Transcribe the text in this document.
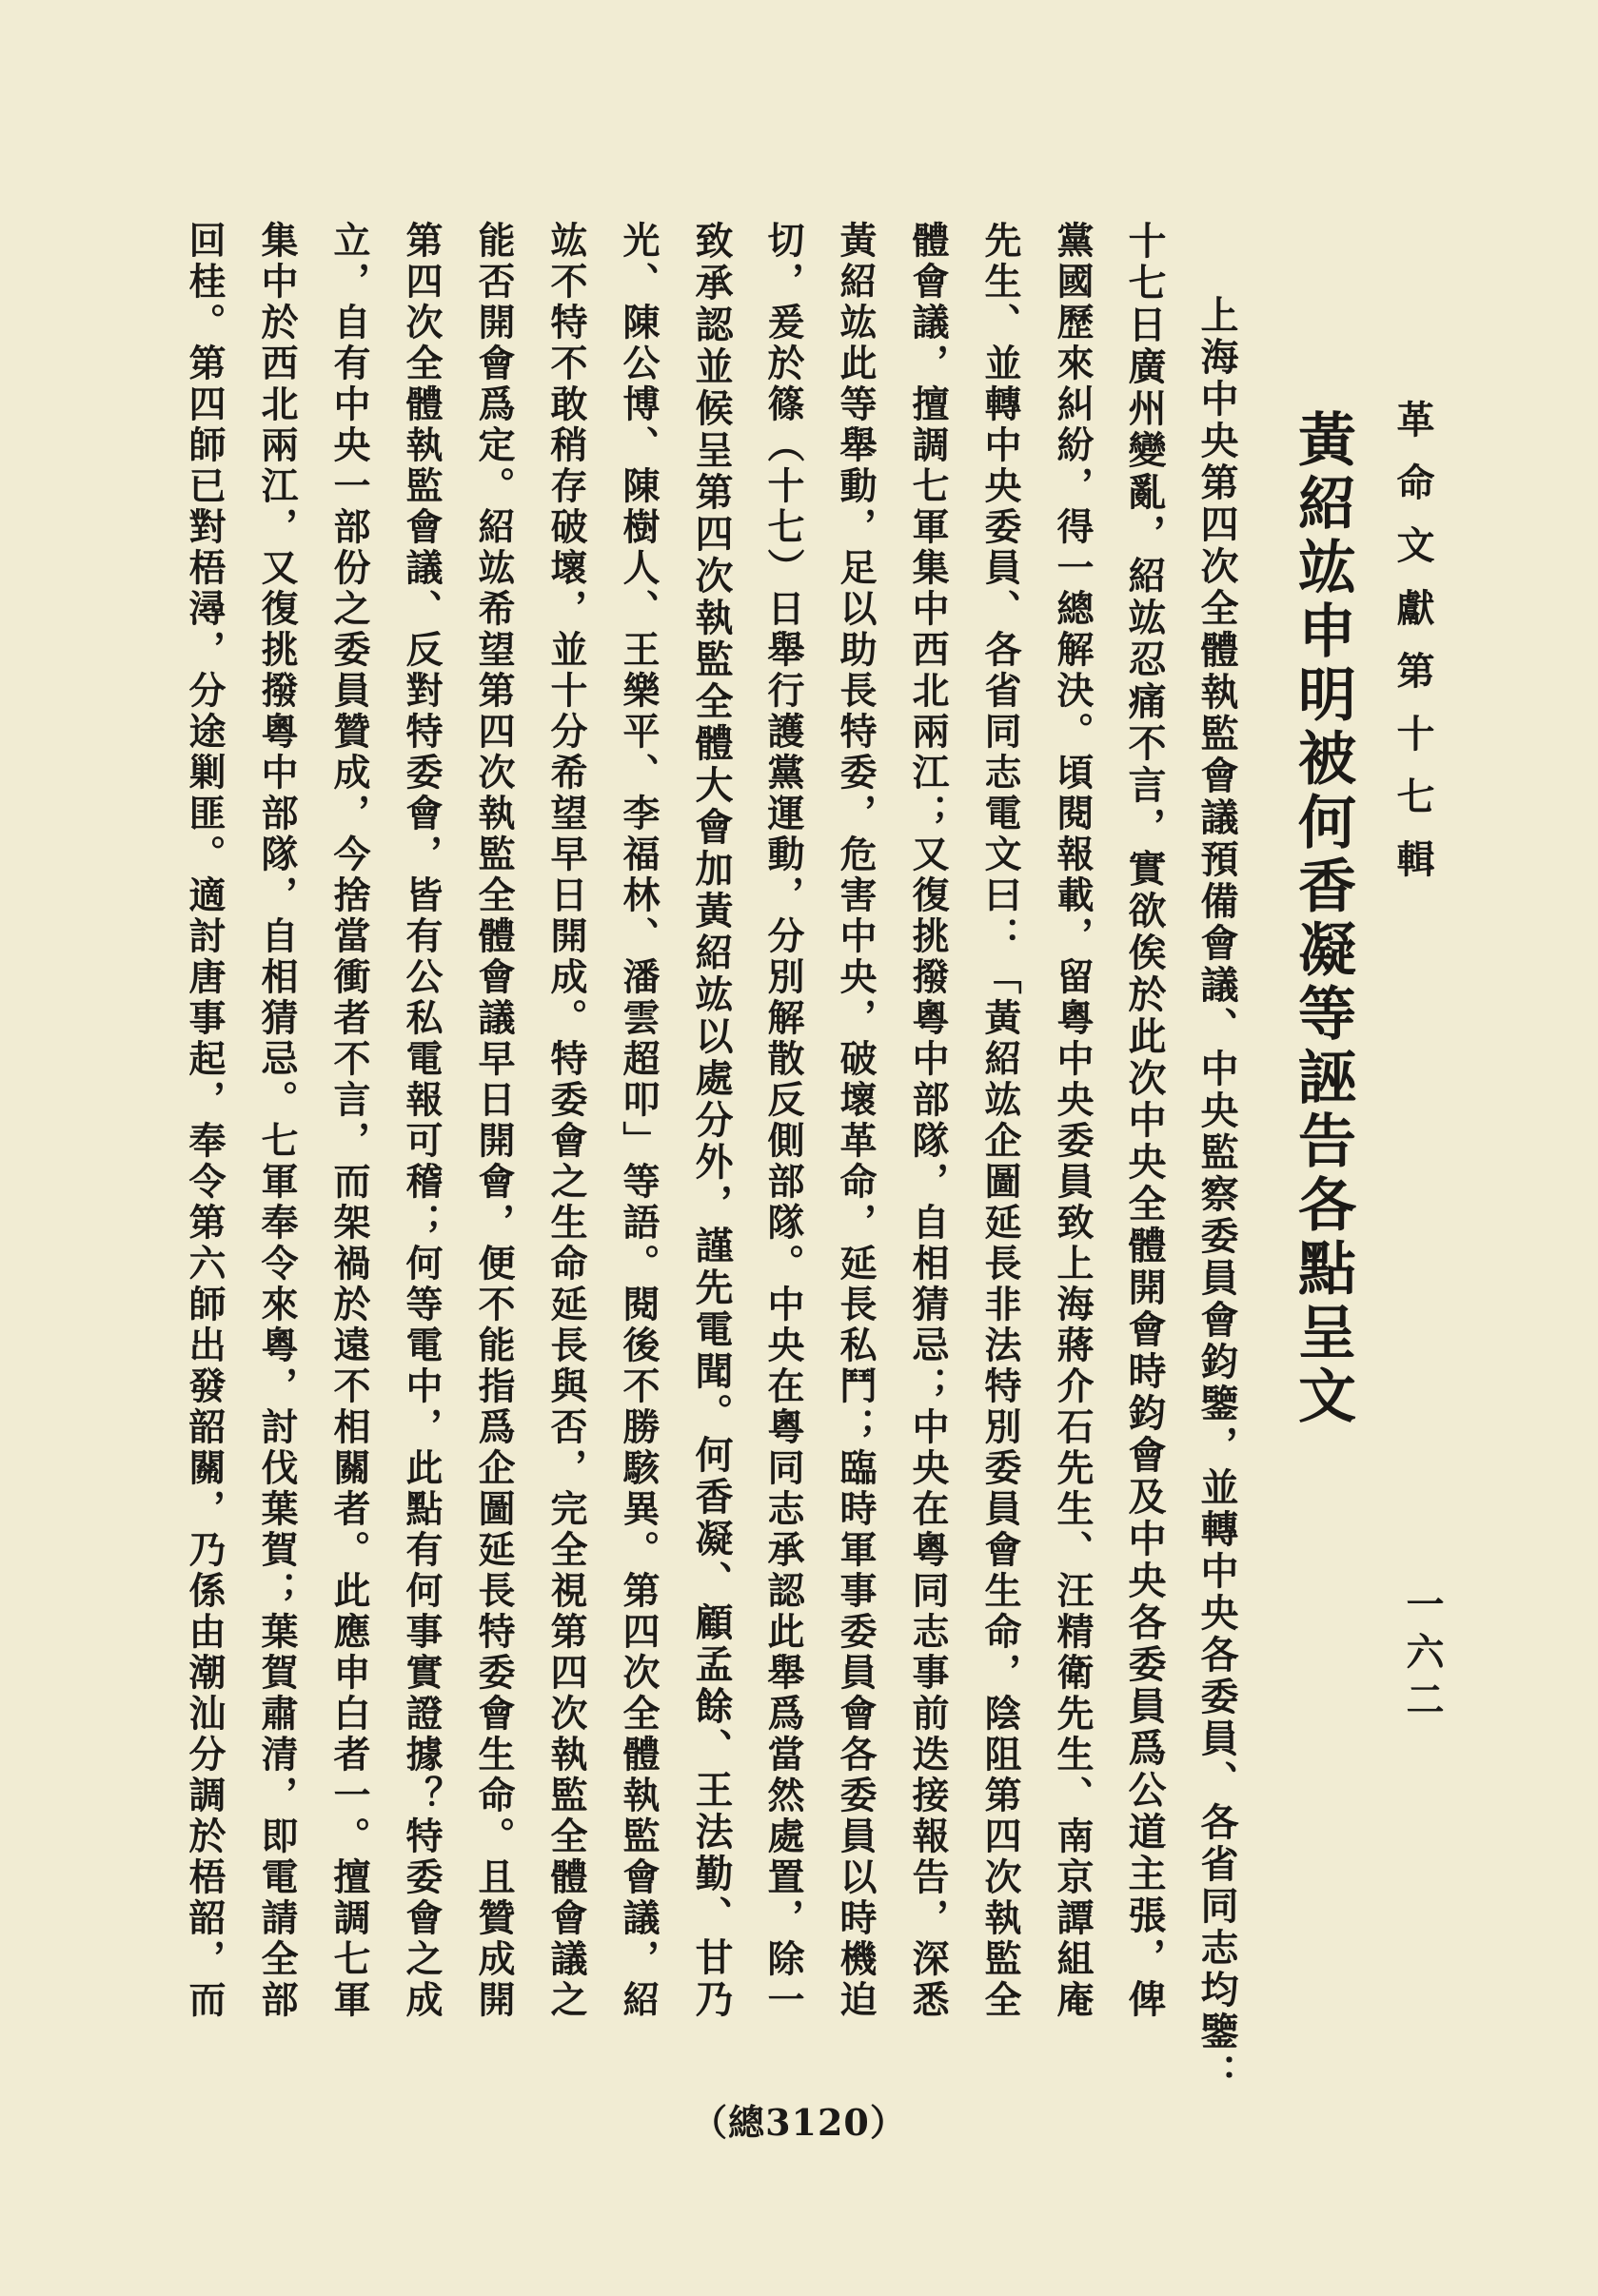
革命文獻第十七輯
一六二
黃紹竑申明被何香凝等誣告各點呈文
上海中央第四次全體執監會議預備會議、中央監察委員會鈞鑒，並轉中央各委員、各省同志均鑒：
十七日廣州變亂，紹竑忍痛不言，實欲俟於此次中央全體開會時鈞會及中央各委員爲公道主張，俾
黨國歷來糾紛，得一總解決。頃閱報載，留粵中央委員致上海蔣介石先生、汪精衛先生、南京譚組庵
先生、並轉中央委員、各省同志電文曰：「黃紹竑企圖延長非法特別委員會生命，陰阻第四次執監全
體會議，擅調七軍集中西北兩江；又復挑撥粵中部隊，自相猜忌；中央在粵同志事前迭接報告，深悉
黃紹竑此等舉動，足以助長特委，危害中央，破壞革命，延長私鬥；臨時軍事委員會各委員以時機迫
切，爰於篠（十七）日舉行護黨運動，分別解散反側部隊。中央在粵同志承認此舉爲當然處置，除一
致承認並候呈第四次執監全體大會加黃紹竑以處分外，謹先電聞。何香凝、顧孟餘、王法勤、甘乃
光、陳公博、陳樹人、王樂平、李福林、潘雲超叩」等語。閱後不勝駭異。第四次全體執監會議，紹
竑不特不敢稍存破壞，並十分希望早日開成。特委會之生命延長與否，完全視第四次執監全體會議之
能否開會爲定。紹竑希望第四次執監全體會議早日開會，便不能指爲企圖延長特委會生命。且贊成開
第四次全體執監會議、反對特委會，皆有公私電報可稽；何等電中，此點有何事實證據？特委會之成
立，自有中央一部份之委員贊成，今捨當衝者不言，而架禍於遠不相關者。此應申白者一。擅調七軍
集中於西北兩江，又復挑撥粵中部隊，自相猜忌。七軍奉令來粵，討伐葉賀；葉賀肅清，即電請全部
回桂。第四師已對梧潯，分途剿匪。適討唐事起，奉令第六師出發韶關，乃係由潮汕分調於梧韶，而
（總3120）
